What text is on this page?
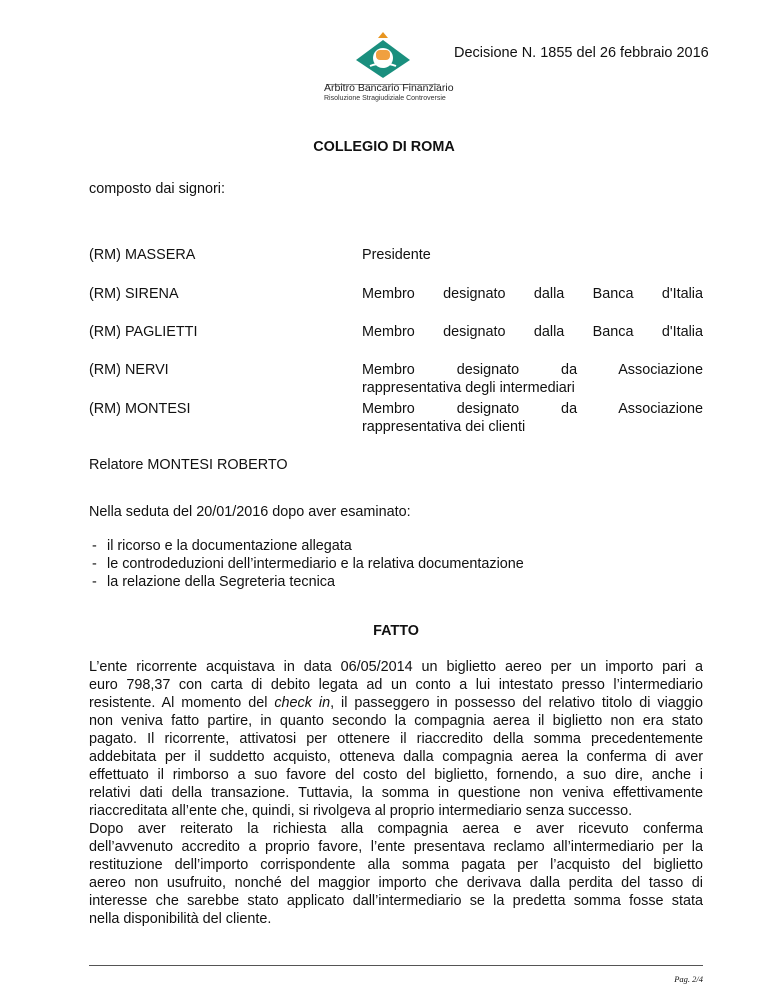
Arbitro Bancario Finanziario
Risoluzione Stragiudiziale Controversie
Decisione N. 1855 del 26 febbraio 2016
COLLEGIO DI ROMA
composto dai signori:
(RM) MASSERA	Presidente
(RM) SIRENA	Membro designato dalla Banca d'Italia
(RM) PAGLIETTI	Membro designato dalla Banca d'Italia
(RM) NERVI	Membro designato da Associazione
rappresentativa degli intermediari
(RM) MONTESI	Membro designato da Associazione
rappresentativa dei clienti
Relatore MONTESI ROBERTO
Nella seduta del 20/01/2016 dopo aver esaminato:
- il ricorso e la documentazione allegata
- le controdeduzioni dell’intermediario e la relativa documentazione
- la relazione della Segreteria tecnica
FATTO
L’ente ricorrente acquistava in data 06/05/2014 un biglietto aereo per un importo pari a
euro 798,37 con carta di debito legata ad un conto a lui intestato presso l’intermediario
resistente. Al momento del check in, il passeggero in possesso del relativo titolo di viaggio
non veniva fatto partire, in quanto secondo la compagnia aerea il biglietto non era stato
pagato. Il ricorrente, attivatosi per ottenere il riaccredito della somma precedentemente
addebitata per il suddetto acquisto, otteneva dalla compagnia aerea la conferma di aver
effettuato il rimborso a suo favore del costo del biglietto, fornendo, a suo dire, anche i
relativi dati della transazione. Tuttavia, la somma in questione non veniva effettivamente
riaccreditata all’ente che, quindi, si rivolgeva al proprio intermediario senza successo.
Dopo aver reiterato la richiesta alla compagnia aerea e aver ricevuto conferma
dell’avvenuto accredito a proprio favore, l’ente presentava reclamo all’intermediario per la
restituzione dell’importo corrispondente alla somma pagata per l’acquisto del biglietto
aereo non usufruito, nonché del maggior importo che derivava dalla perdita del tasso di
interesse che sarebbe stato applicato dall’intermediario se la predetta somma fosse stata
nella disponibilità del cliente.
Pag. 2/4
